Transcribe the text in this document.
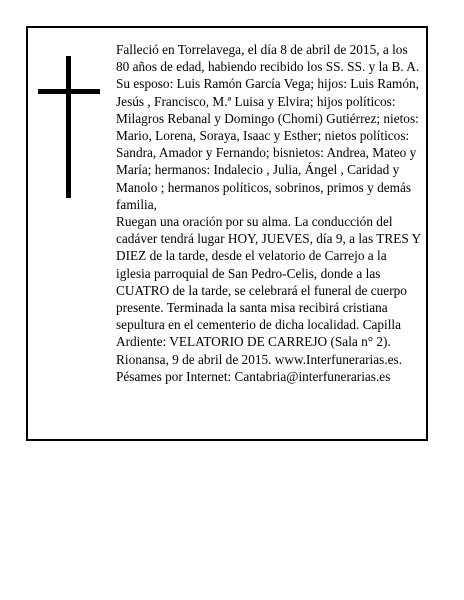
Falleció en Torrelavega, el día 8 de abril de 2015, a los 80 años de edad, habiendo recibido los SS. SS. y la B. A.

Su esposo: Luis Ramón García Vega; hijos: Luis Ramón, Jesús , Francisco, M.ª Luisa y Elvira; hijos políticos: Milagros Rebanal y Domingo (Chomi) Gutiérrez; nietos: Mario, Lorena, Soraya, Isaac y Esther; nietos políticos: Sandra, Amador y Fernando; bisnietos: Andrea, Mateo y María; hermanos: Indalecio , Julia, Ángel , Caridad y Manolo ; hermanos políticos, sobrinos, primos y demás familia,

Ruegan una oración por su alma. La conducción del cadáver tendrá lugar HOY, JUEVES, día 9, a las TRES Y DIEZ de la tarde, desde el velatorio de Carrejo a la iglesia parroquial de San Pedro-Celis, donde a las CUATRO de la tarde, se celebrará el funeral de cuerpo presente. Terminada la santa misa recibirá cristiana sepultura en el cementerio de dicha localidad. Capilla Ardiente: VELATORIO DE CARREJO (Sala n° 2).

Rionansa, 9 de abril de 2015. www.Interfunerarias.es. Pésames por Internet: Cantabria@interfunerarias.es
